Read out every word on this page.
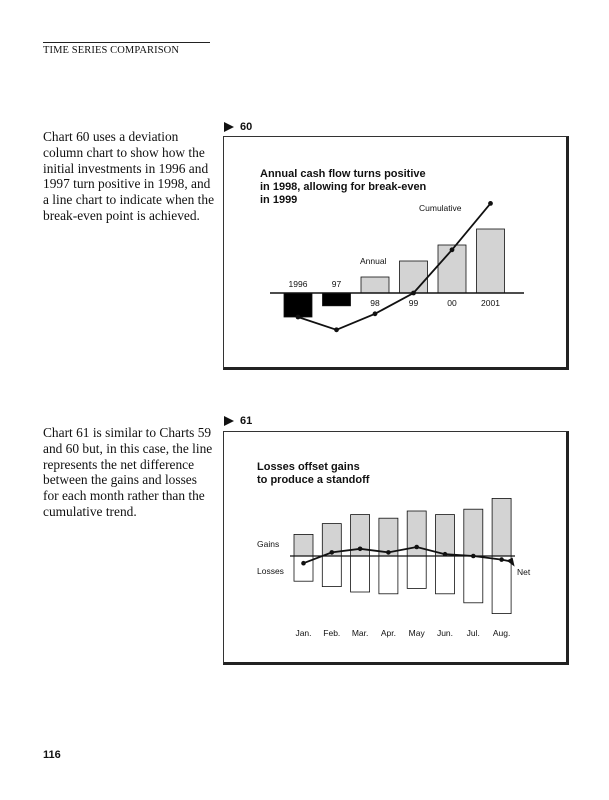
TIME SERIES COMPARISON
Chart 60 uses a deviation column chart to show how the initial investments in 1996 and 1997 turn positive in 1998, and a line chart to indicate when the break-even point is achieved.
Chart 61 is similar to Charts 59 and 60 but, in this case, the line represents the net difference between the gains and losses for each month rather than the cumulative trend.
60
61
Annual cash flow turns positive
in 1998, allowing for break-even
in 1999
1996	97
98	99	00	2001
Annual
Cumulative
Losses offset gains
to produce a standoff
Gains
Losses	Net
Jan. Feb. Mar. Apr. May Jun. Jul. Aug.
116
